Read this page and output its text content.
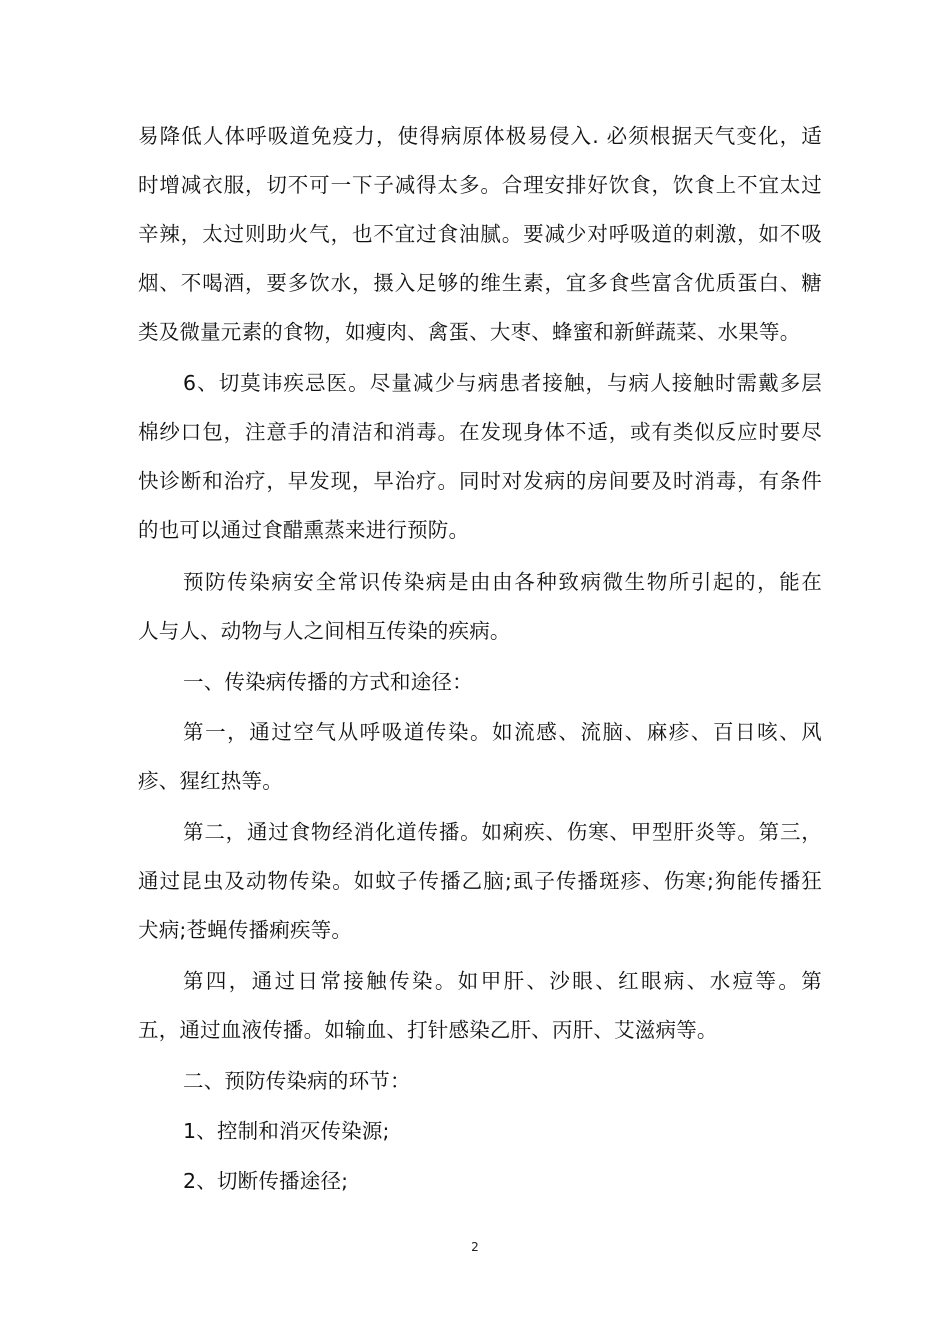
易降低人体呼吸道免疫力，使得病原体极易侵入. 必须根据天气变化，适
时增减衣服，切不可一下子减得太多。合理安排好饮食，饮食上不宜太过
辛辣，太过则助火气，也不宜过食油腻。要减少对呼吸道的刺激，如不吸
烟、不喝酒，要多饮水，摄入足够的维生素，宜多食些富含优质蛋白、糖
类及微量元素的食物，如瘦肉、禽蛋、大枣、蜂蜜和新鲜蔬菜、水果等。
6、切莫讳疾忌医。尽量减少与病患者接触，与病人接触时需戴多层
棉纱口包，注意手的清洁和消毒。在发现身体不适，或有类似反应时要尽
快诊断和治疗，早发现，早治疗。同时对发病的房间要及时消毒，有条件
的也可以通过食醋熏蒸来进行预防。
预防传染病安全常识传染病是由由各种致病微生物所引起的，能在
人与人、动物与人之间相互传染的疾病。
一、传染病传播的方式和途径：
第一，通过空气从呼吸道传染。如流感、流脑、麻疹、百日咳、风
疹、猩红热等。
第二，通过食物经消化道传播。如痢疾、伤寒、甲型肝炎等。第三，
通过昆虫及动物传染。如蚊子传播乙脑;虱子传播斑疹、伤寒;狗能传播狂
犬病;苍蝇传播痢疾等。
第四，通过日常接触传染。如甲肝、沙眼、红眼病、水痘等。第
五，通过血液传播。如输血、打针感染乙肝、丙肝、艾滋病等。
二、预防传染病的环节：
1、控制和消灭传染源;
2、切断传播途径;
2
